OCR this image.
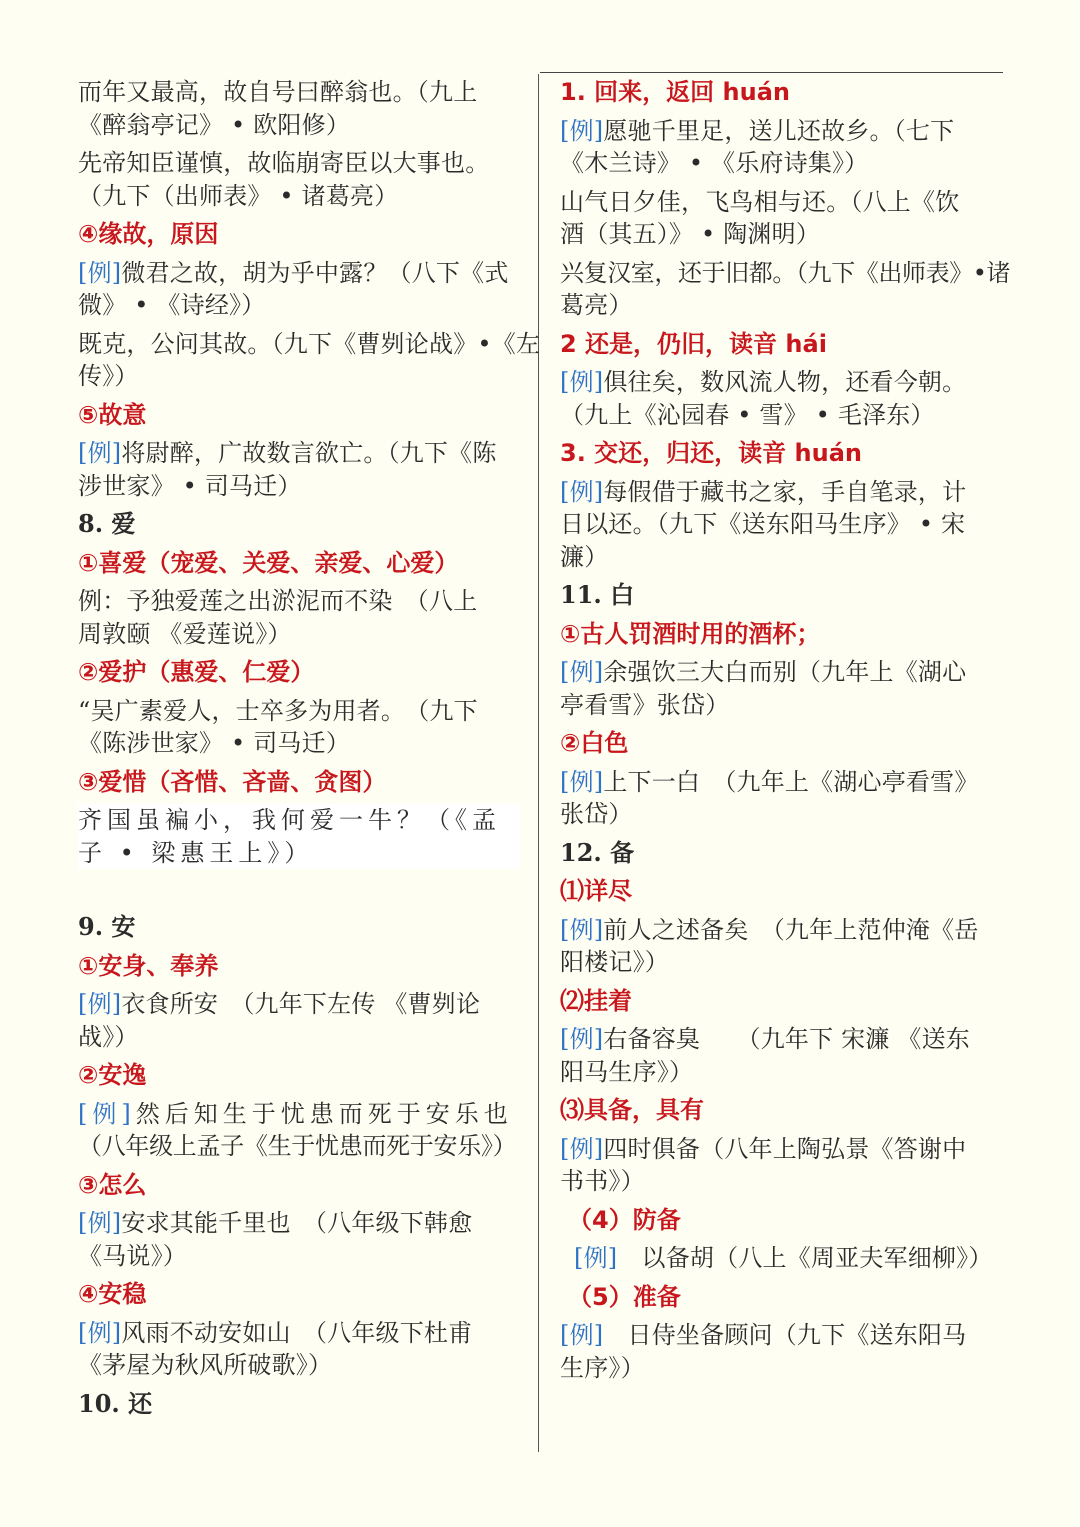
而年又最高，故自号曰醉翁也。（九上

《醉翁亭记》 • 欧阳修）

先帝知臣谨慎，故临崩寄臣以大事也。

（九下（出师表》 • 诸葛亮）

④缘故，原因

[例]微君之故，胡为乎中露？（八下《式

微》 • 《诗经》）

既克，公问其故。（九下《曹刿论战》•《左

传》）

⑤故意

[例]将尉醉，广故数言欲亡。（九下《陈

涉世家》 • 司马迁）

8. 爱
①喜爱（宠爱、关爱、亲爱、心爱）

例：予独爱莲之出淤泥而不染　（八上

周敦颐 《爱莲说》）

②爱护（惠爱、仁爱）

“吴广素爱人，士卒多为用者。　（九下

《陈涉世家》 • 司马迁）

③爱惜（吝惜、吝啬、贪图）

齐国虽褊小，我何爱一牛？（《孟

子 • 梁惠王上》）

9. 安
①安身、奉养

[例]衣食所安　（九年下左传 《曹刿论

战》）

②安逸

[例]然后知生于忧患而死于安乐也

（八年级上孟子《生于忧患而死于安乐》）

③怎么

[例]安求其能千里也　（八年级下韩愈

《马说》）

④安稳

[例]风雨不动安如山　（八年级下杜甫

《茅屋为秋风所破歌》）

10. 还
1. 回来，返回 huán

[例]愿驰千里足，送儿还故乡。（七下

《木兰诗》 • 《乐府诗集》）

山气日夕佳，飞鸟相与还。（八上《饮

酒（其五）》 • 陶渊明）

兴复汉室，还于旧都。（九下《出师表》•诸

葛亮）

2 还是，仍旧，读音 hái

[例]俱往矣，数风流人物，还看今朝。

（九上《沁园春 • 雪》 • 毛泽东）

3. 交还，归还，读音 huán

[例]每假借于藏书之家，手自笔录，计

日以还。（九下《送东阳马生序》 • 宋

濂）

11. 白
①古人罚酒时用的酒杯；

[例]余强饮三大白而别（九年上《湖心

亭看雪》张岱）

②白色

[例]上下一白　（九年上《湖心亭看雪》

张岱）

12. 备
⑴详尽

[例]前人之述备矣　（九年上范仲淹《岳

阳楼记》）

⑵挂着

[例]右备容臭　　（九年下 宋濂 《送东

阳马生序》）

⑶具备，具有

[例]四时俱备（八年上陶弘景《答谢中

书书》）

（4）防备

[例]　以备胡（八上《周亚夫军细柳》）

（5）准备

[例]　日侍坐备顾问（九下《送东阳马

生序》）
